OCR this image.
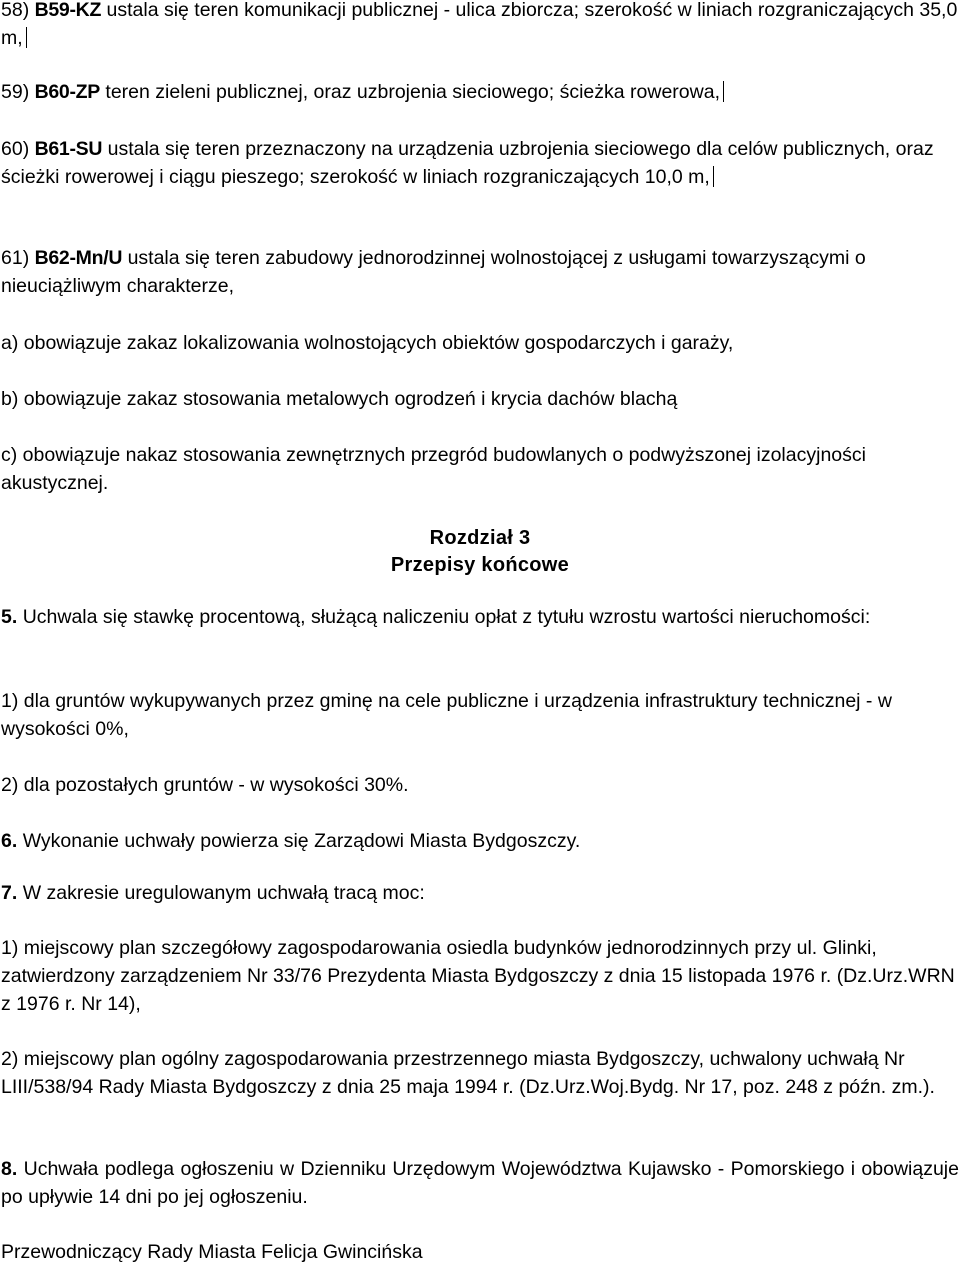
58) B59-KZ ustala się teren komunikacji publicznej - ulica zbiorcza; szerokość w liniach rozgraniczających 35,0 m,

59) B60-ZP teren zieleni publicznej, oraz uzbrojenia sieciowego; ścieżka rowerowa,

60) B61-SU ustala się teren przeznaczony na urządzenia uzbrojenia sieciowego dla celów publicznych, oraz ścieżki rowerowej i ciągu pieszego; szerokość w liniach rozgraniczających 10,0 m,

61) B62-Mn/U ustala się teren zabudowy jednorodzinnej wolnostojącej z usługami towarzyszącymi o nieuciążliwym charakterze,

a) obowiązuje zakaz lokalizowania wolnostojących obiektów gospodarczych i garaży,

b) obowiązuje zakaz stosowania metalowych ogrodzeń i krycia dachów blachą

c) obowiązuje nakaz stosowania zewnętrznych przegród budowlanych o podwyższonej izolacyjności akustycznej.

Rozdział 3

Przepisy końcowe

5. Uchwala się stawkę procentową, służącą naliczeniu opłat z tytułu wzrostu wartości nieruchomości:

1) dla gruntów wykupywanych przez gminę na cele publiczne i urządzenia infrastruktury technicznej - w wysokości 0%,

2) dla pozostałych gruntów - w wysokości 30%.

6. Wykonanie uchwały powierza się Zarządowi Miasta Bydgoszczy.

7. W zakresie uregulowanym uchwałą tracą moc:

1) miejscowy plan szczegółowy zagospodarowania osiedla budynków jednorodzinnych przy ul. Glinki, zatwierdzony zarządzeniem Nr 33/76 Prezydenta Miasta Bydgoszczy z dnia 15 listopada 1976 r. (Dz.Urz.WRN z 1976 r. Nr 14),

2) miejscowy plan ogólny zagospodarowania przestrzennego miasta Bydgoszczy, uchwalony uchwałą Nr LIII/538/94 Rady Miasta Bydgoszczy z dnia 25 maja 1994 r. (Dz.Urz.Woj.Bydg. Nr 17, poz. 248 z późn. zm.).

8. Uchwała podlega ogłoszeniu w Dzienniku Urzędowym Województwa Kujawsko - Pomorskiego i obowiązuje po upływie 14 dni po jej ogłoszeniu.

Przewodniczący Rady Miasta Felicja Gwincińska
